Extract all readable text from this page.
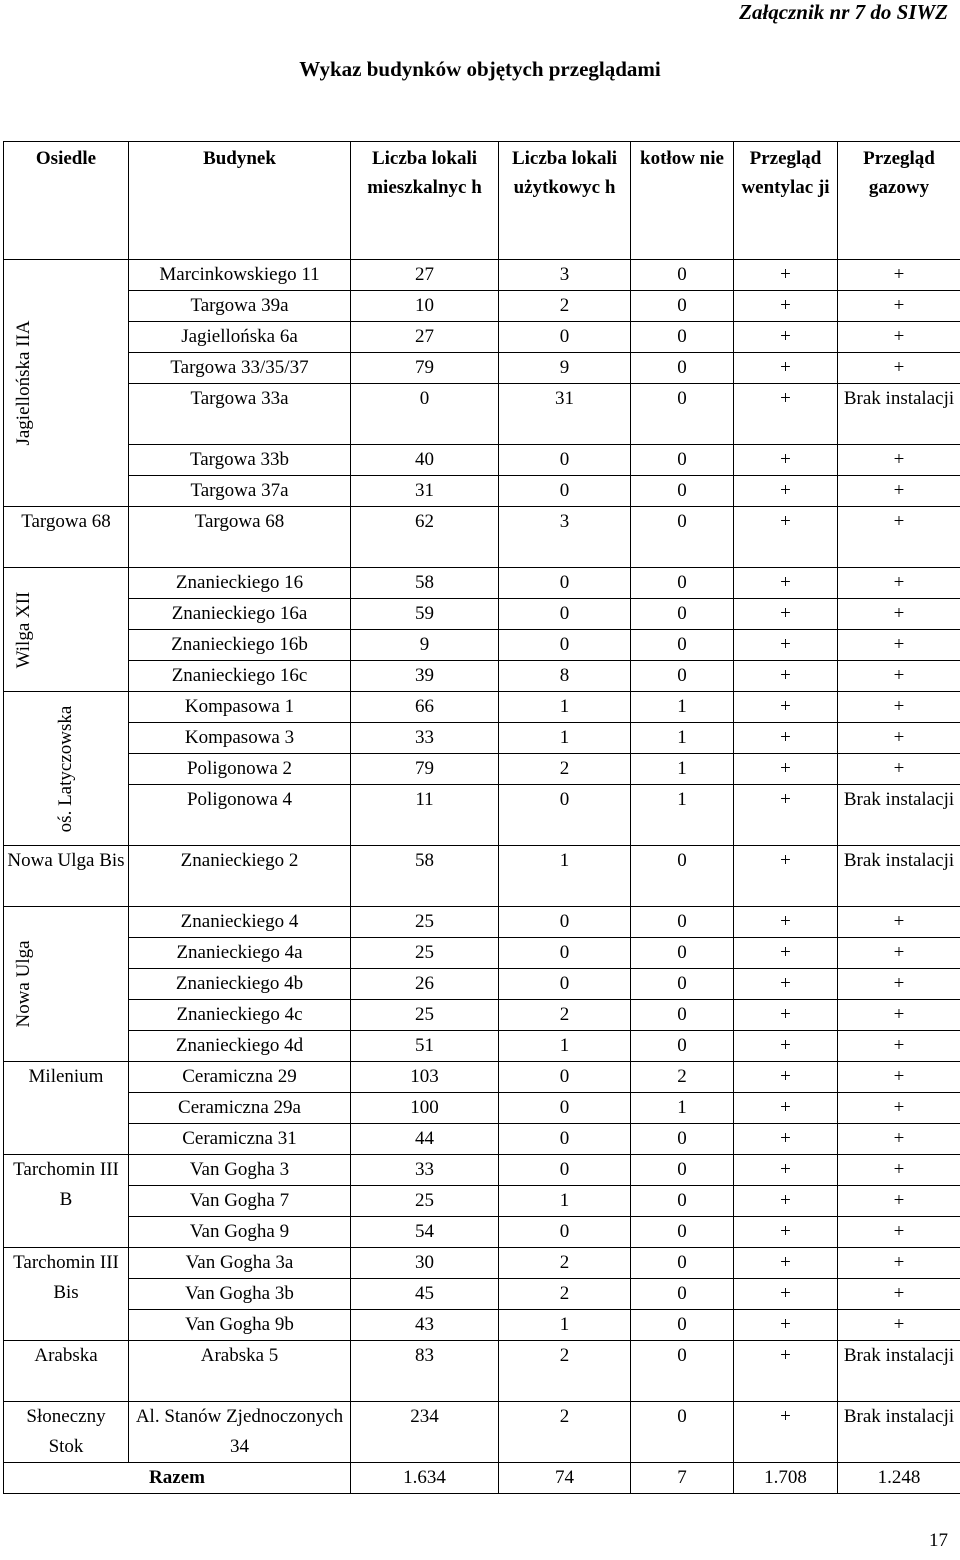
Załącznik nr 7 do SIWZ
Wykaz budynków objętych przeglądami
Osiedle	Budynek	Liczba lokali mieszkalnyc h	Liczba lokali użytkowyc h	kotłow nie	Przegląd wentylac ji	Przegląd gazowy

Jagiellońska IIA	Marcinkowskiego 11	27	3	0	+	+
	Targowa 39a	10	2	0	+	+
	Jagiellońska 6a	27	0	0	+	+
	Targowa 33/35/37	79	9	0	+	+
	Targowa 33a	0	31	0	+	Brak instalacji
	Targowa 33b	40	0	0	+	+
	Targowa 37a	31	0	0	+	+
Targowa 68	Targowa 68	62	3	0	+	+

Wilga XII	Znanieckiego 16	58	0	0	+	+
	Znanieckiego 16a	59	0	0	+	+
	Znanieckiego 16b	9	0	0	+	+
	Znanieckiego 16c	39	8	0	+	+

oś. Latyczowska	Kompasowa 1	66	1	1	+	+
	Kompasowa 3	33	1	1	+	+
	Poligonowa 2	79	2	1	+	+
	Poligonowa 4	11	0	1	+	Brak instalacji
Nowa Ulga Bis	Znanieckiego 2	58	1	0	+	Brak instalacji

Nowa Ulga	Znanieckiego 4	25	0	0	+	+
	Znanieckiego 4a	25	0	0	+	+
	Znanieckiego 4b	26	0	0	+	+
	Znanieckiego 4c	25	2	0	+	+
	Znanieckiego 4d	51	1	0	+	+
Milenium	Ceramiczna 29	103	0	2	+	+
	Ceramiczna 29a	100	0	1	+	+
	Ceramiczna 31	44	0	0	+	+
Tarchomin III B	Van Gogha 3	33	0	0	+	+
	Van Gogha 7	25	1	0	+	+
	Van Gogha 9	54	0	0	+	+
Tarchomin III Bis	Van Gogha 3a	30	2	0	+	+
	Van Gogha 3b	45	2	0	+	+
	Van Gogha 9b	43	1	0	+	+
Arabska	Arabska 5	83	2	0	+	Brak instalacji
Słoneczny Stok	Al. Stanów Zjednoczonych 34	234	2	0	+	Brak instalacji
Razem		1.634	74	7	1.708	1.248
17
